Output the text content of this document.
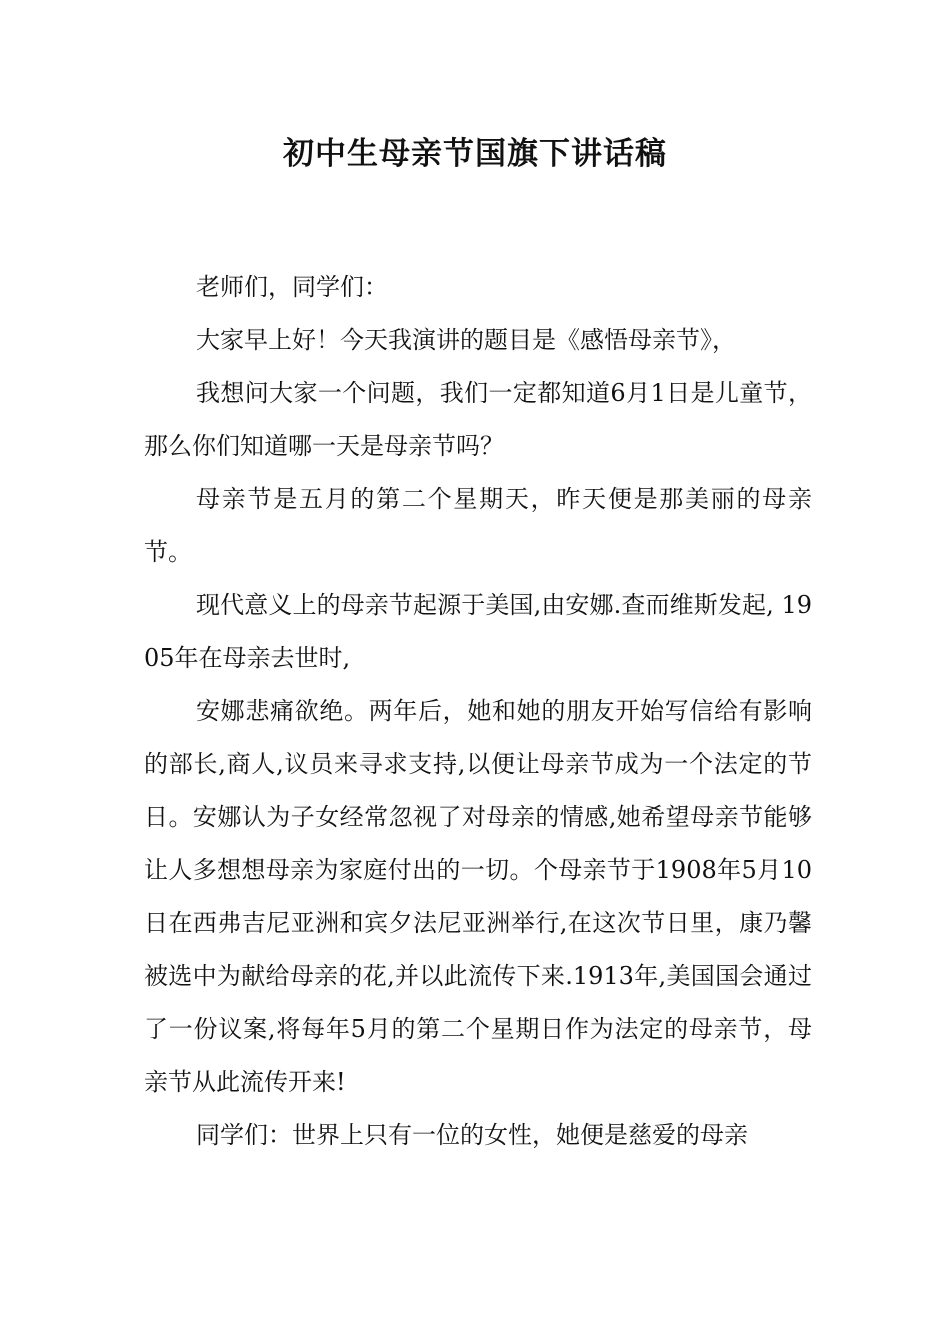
初中生母亲节国旗下讲话稿

老师们，同学们：

大家早上好！今天我演讲的题目是《感悟母亲节》，

我想问大家一个问题，我们一定都知道6月1日是儿童节，那么你们知道哪一天是母亲节吗？

母亲节是五月的第二个星期天，昨天便是那美丽的母亲节。

现代意义上的母亲节起源于美国,由安娜.查而维斯发起, 1905年在母亲去世时,

安娜悲痛欲绝。两年后，她和她的朋友开始写信给有影响的部长,商人,议员来寻求支持,以便让母亲节成为一个法定的节日。安娜认为子女经常忽视了对母亲的情感,她希望母亲节能够让人多想想母亲为家庭付出的一切。个母亲节于1908年5月10日在西弗吉尼亚洲和宾夕法尼亚洲举行,在这次节日里，康乃馨被选中为献给母亲的花,并以此流传下来.1913年,美国国会通过了一份议案,将每年5月的第二个星期日作为法定的母亲节，母亲节从此流传开来!

同学们：世界上只有一位的女性，她便是慈爱的母亲
